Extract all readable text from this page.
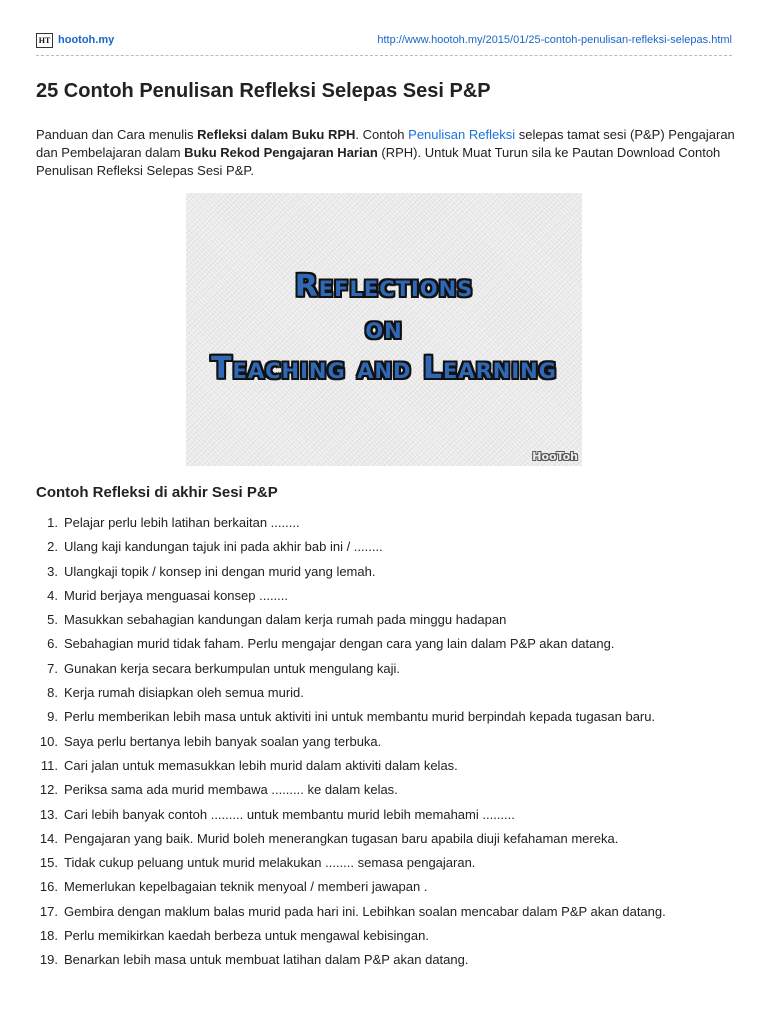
HT hootoh.my	http://www.hootoh.my/2015/01/25-contoh-penulisan-refleksi-selepas.html
25 Contoh Penulisan Refleksi Selepas Sesi P&P

Panduan dan Cara menulis Refleksi dalam Buku RPH. Contoh Penulisan Refleksi selepas tamat sesi (P&P) Pengajaran dan Pembelajaran dalam Buku Rekod Pengajaran Harian (RPH). Untuk Muat Turun sila ke Pautan Download Contoh Penulisan Refleksi Selepas Sesi P&P.

Reflections
on
Teaching and Learning
HooToh
Contoh Refleksi di akhir Sesi P&P
1. Pelajar perlu lebih latihan berkaitan ........
2. Ulang kaji kandungan tajuk ini pada akhir bab ini / ........
3. Ulangkaji topik / konsep ini dengan murid yang lemah.
4. Murid berjaya menguasai konsep ........
5. Masukkan sebahagian kandungan dalam kerja rumah pada minggu hadapan
6. Sebahagian murid tidak faham. Perlu mengajar dengan cara yang lain dalam P&P akan datang.
7. Gunakan kerja secara berkumpulan untuk mengulang kaji.
8. Kerja rumah disiapkan oleh semua murid.
9. Perlu memberikan lebih masa untuk aktiviti ini untuk membantu murid berpindah kepada tugasan baru.
10. Saya perlu bertanya lebih banyak soalan yang terbuka.
11. Cari jalan untuk memasukkan lebih murid dalam aktiviti dalam kelas.
12. Periksa sama ada murid membawa ......... ke dalam kelas.
13. Cari lebih banyak contoh ......... untuk membantu murid lebih memahami .........
14. Pengajaran yang baik. Murid boleh menerangkan tugasan baru apabila diuji kefahaman mereka.
15. Tidak cukup peluang untuk murid melakukan ........ semasa pengajaran.
16. Memerlukan kepelbagaian teknik menyoal / memberi jawapan .
17. Gembira dengan maklum balas murid pada hari ini. Lebihkan soalan mencabar dalam P&P akan datang.
18. Perlu memikirkan kaedah berbeza untuk mengawal kebisingan.
19. Benarkan lebih masa untuk membuat latihan dalam P&P akan datang.
